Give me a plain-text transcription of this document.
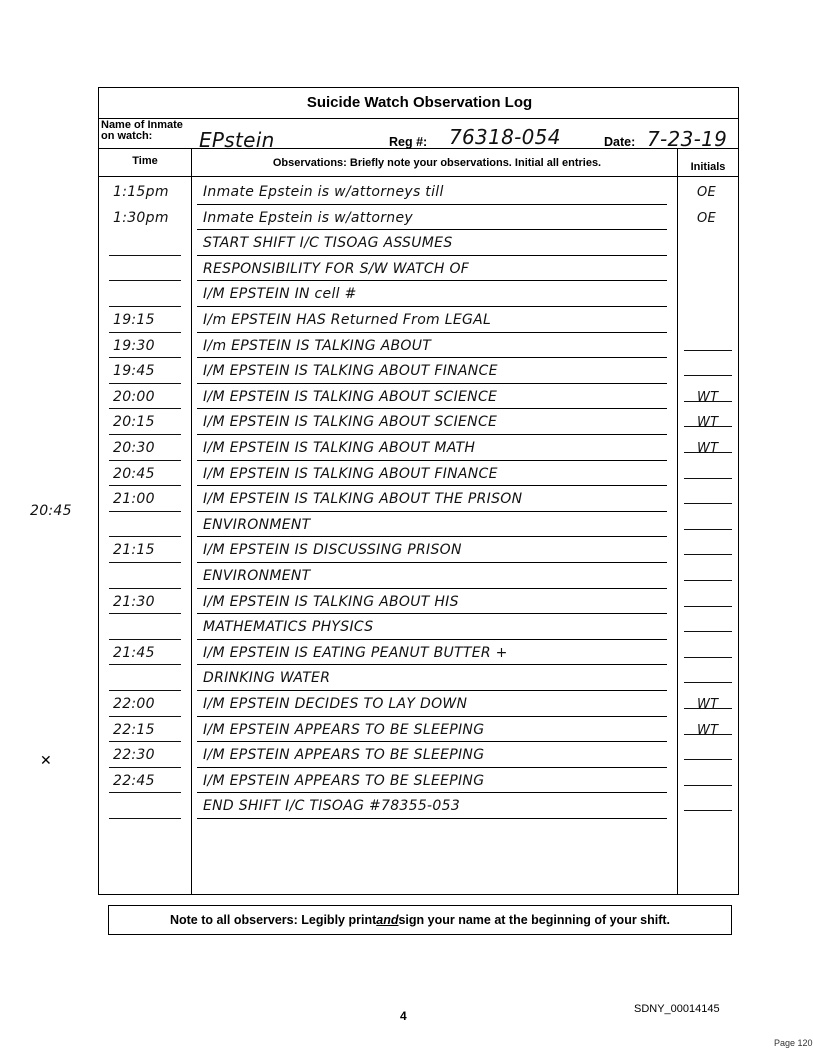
Suicide Watch Observation Log
Name of Inmate on watch:	EPstein	Reg #: 76318-054	Date: 7-23-19
Time	Observations: Briefly note your observations. Initial all entries.	Initials
1:15pm Inmate Epstein is w/attorneys till	OE
1:30pm Inmate Epstein is w/attorney	OE
START SHIFT I/C TISOAG ASSUMES
RESPONSIBILITY FOR S/W WATCH OF
I/M EPSTEIN IN cell #
19:15	I/m EPSTEIN HAS Returned From LEGAL
19:30	I/m EPSTEIN IS TALKING ABOUT
19:45	I/M EPSTEIN IS TALKING ABOUT FINANCE
20:00	I/M EPSTEIN IS TALKING ABOUT SCIENCE	WT
20:15	I/M EPSTEIN IS TALKING ABOUT SCIENCE	WT
20:30	I/M EPSTEIN IS TALKING ABOUT MATH	WT
20:45	I/M EPSTEIN IS TALKING ABOUT FINANCE
21:00	I/M EPSTEIN IS TALKING ABOUT THE PRISON
ENVIRONMENT
21:15	I/M EPSTEIN IS DISCUSSING PRISON
ENVIRONMENT
21:30	I/M EPSTEIN IS TALKING ABOUT HIS
MATHEMATICS PHYSICS
21:45	I/M EPSTEIN IS EATING PEANUT BUTTER +
DRINKING WATER
22:00	I/M EPSTEIN DECIDES TO LAY DOWN	WT
22:15	I/M EPSTEIN APPEARS TO BE SLEEPING	WT
22:30	I/M EPSTEIN APPEARS TO BE SLEEPING
22:45	I/M EPSTEIN APPEARS TO BE SLEEPING
END SHIFT I/C TISOAG #78355-053
20:45
✕
Note to all observers: Legibly print and sign your name at the beginning of your shift.
4	SDNY_00014145
Page 120
